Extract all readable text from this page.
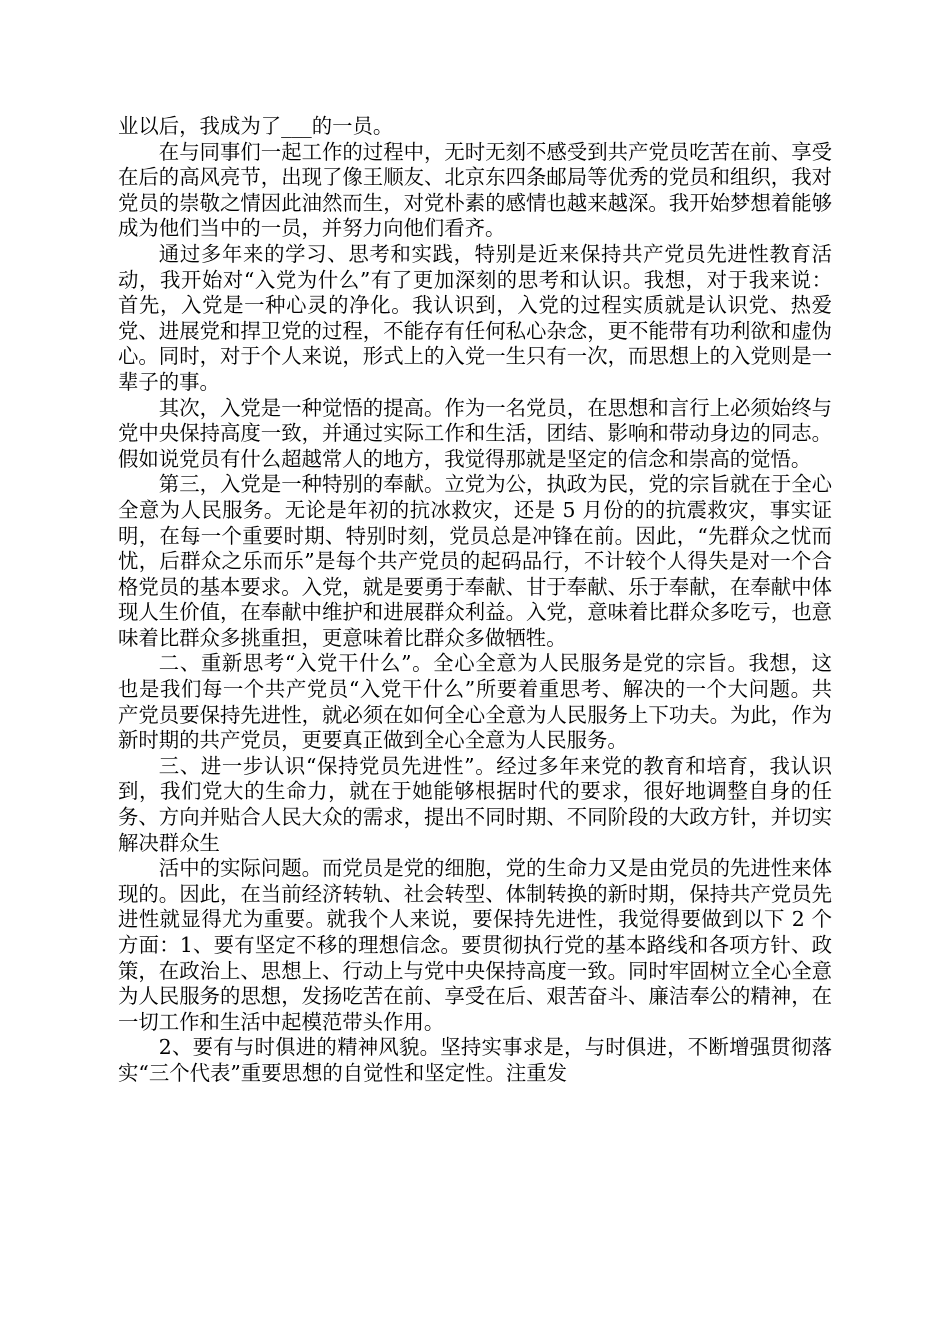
业以后，我成为了___的一员。

在与同事们一起工作的过程中，无时无刻不感受到共产党员吃苦在前、享受在后的高风亮节，出现了像王顺友、北京东四条邮局等优秀的党员和组织，我对党员的崇敬之情因此油然而生，对党朴素的感情也越来越深。我开始梦想着能够成为他们当中的一员，并努力向他们看齐。

通过多年来的学习、思考和实践，特别是近来保持共产党员先进性教育活动，我开始对“入党为什么”有了更加深刻的思考和认识。我想，对于我来说：首先，入党是一种心灵的净化。我认识到，入党的过程实质就是认识党、热爱党、进展党和捍卫党的过程，不能存有任何私心杂念，更不能带有功利欲和虚伪心。同时，对于个人来说，形式上的入党一生只有一次，而思想上的入党则是一辈子的事。

其次，入党是一种觉悟的提高。作为一名党员，在思想和言行上必须始终与党中央保持高度一致，并通过实际工作和生活，团结、影响和带动身边的同志。假如说党员有什么超越常人的地方，我觉得那就是坚定的信念和崇高的觉悟。

第三，入党是一种特别的奉献。立党为公，执政为民，党的宗旨就在于全心全意为人民服务。无论是年初的抗冰救灾，还是 5 月份的的抗震救灾，事实证明，在每一个重要时期、特别时刻，党员总是冲锋在前。因此，“先群众之忧而忧，后群众之乐而乐”是每个共产党员的起码品行，不计较个人得失是对一个合格党员的基本要求。入党，就是要勇于奉献、甘于奉献、乐于奉献，在奉献中体现人生价值，在奉献中维护和进展群众利益。入党，意味着比群众多吃亏，也意味着比群众多挑重担，更意味着比群众多做牺牲。

二、重新思考“入党干什么”。全心全意为人民服务是党的宗旨。我想，这也是我们每一个共产党员“入党干什么”所要着重思考、解决的一个大问题。共产党员要保持先进性，就必须在如何全心全意为人民服务上下功夫。为此，作为新时期的共产党员，更要真正做到全心全意为人民服务。

三、进一步认识“保持党员先进性”。经过多年来党的教育和培育，我认识到，我们党大的生命力，就在于她能够根据时代的要求，很好地调整自身的任务、方向并贴合人民大众的需求，提出不同时期、不同阶段的大政方针，并切实解决群众生

活中的实际问题。而党员是党的细胞，党的生命力又是由党员的先进性来体现的。因此，在当前经济转轨、社会转型、体制转换的新时期，保持共产党员先进性就显得尤为重要。就我个人来说，要保持先进性，我觉得要做到以下 2 个方面：1、要有坚定不移的理想信念。要贯彻执行党的基本路线和各项方针、政策，在政治上、思想上、行动上与党中央保持高度一致。同时牢固树立全心全意为人民服务的思想，发扬吃苦在前、享受在后、艰苦奋斗、廉洁奉公的精神，在一切工作和生活中起模范带头作用。

2、要有与时俱进的精神风貌。坚持实事求是，与时俱进，不断增强贯彻落实“三个代表”重要思想的自觉性和坚定性。注重发
